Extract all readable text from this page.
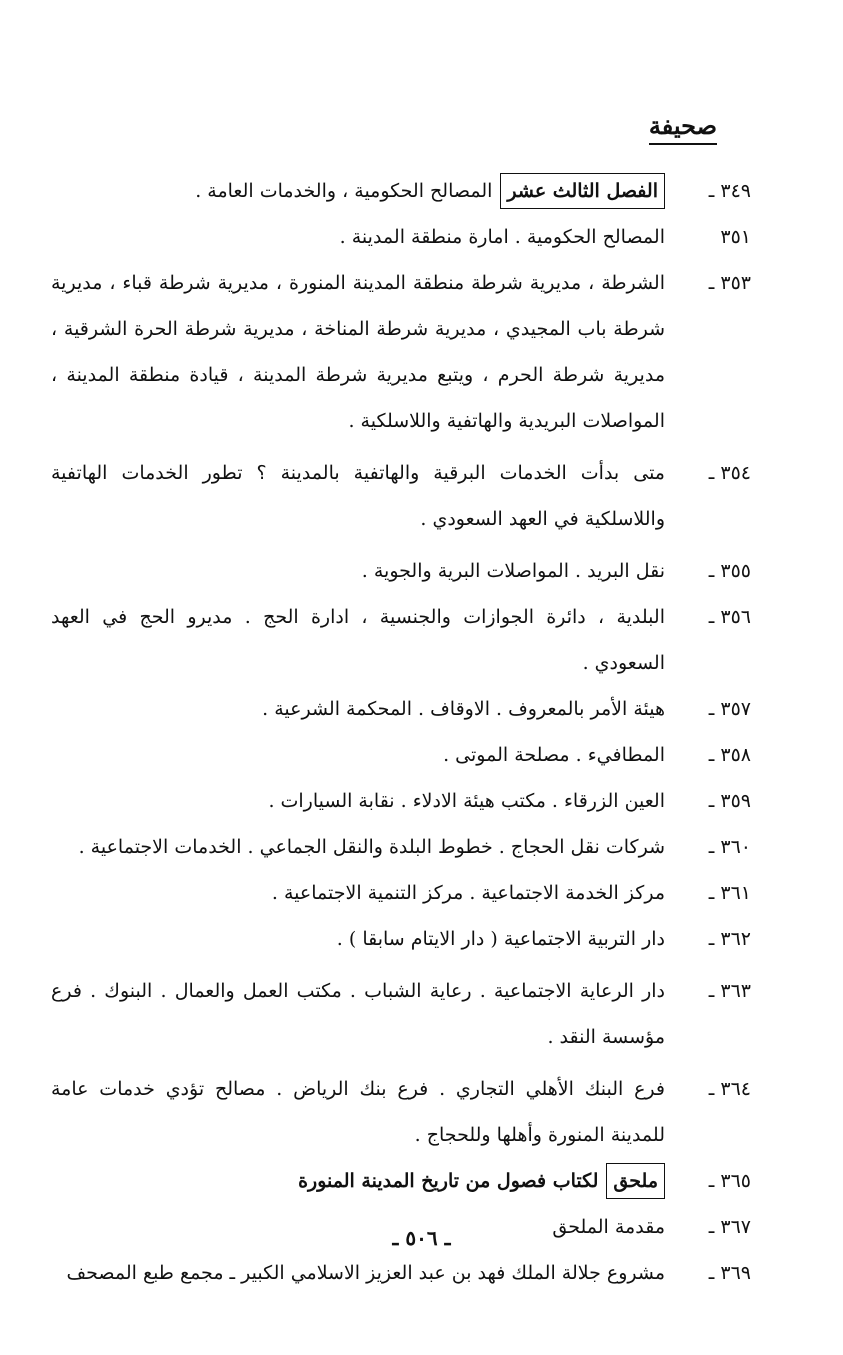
صحيفة
٣٤٩ ـ
الفصل الثالث عشرالمصالح الحكومية ، والخدمات العامة .
٣٥١
المصالح الحكومية . امارة منطقة المدينة .
٣٥٣ ـ
الشرطة ، مديرية شرطة منطقة المدينة المنورة ، مديرية شرطة قباء ، مديرية شرطة باب المجيدي ، مديرية شرطة المناخة ، مديرية شرطة الحرة الشرقية ، مديرية شرطة الحرم ، ويتبع مديرية شرطة المدينة ، قيادة منطقة المدينة ، المواصلات البريدية والهاتفية واللاسلكية .
٣٥٤ ـ
متى بدأت الخدمات البرقية والهاتفية بالمدينة ؟ تطور الخدمات الهاتفية واللاسلكية في العهد السعودي .
٣٥٥ ـ
نقل البريد . المواصلات البرية والجوية .
٣٥٦ ـ
البلدية ، دائرة الجوازات والجنسية ، ادارة الحج . مديرو الحج في العهد السعودي .
٣٥٧ ـ
هيئة الأمر بالمعروف . الاوقاف . المحكمة الشرعية .
٣٥٨ ـ
المطافيء . مصلحة الموتى .
٣٥٩ ـ
العين الزرقاء . مكتب هيئة الادلاء . نقابة السيارات .
٣٦٠ ـ
شركات نقل الحجاج . خطوط البلدة والنقل الجماعي . الخدمات الاجتماعية .
٣٦١ ـ
مركز الخدمة الاجتماعية . مركز التنمية الاجتماعية .
٣٦٢ ـ
دار التربية الاجتماعية ( دار الايتام سابقا ) .
٣٦٣ ـ
دار الرعاية الاجتماعية . رعاية الشباب . مكتب العمل والعمال . البنوك . فرع مؤسسة النقد .
٣٦٤ ـ
فرع البنك الأهلي التجاري . فرع بنك الرياض . مصالح تؤدي خدمات عامة للمدينة المنورة وأهلها وللحجاج .
٣٦٥ ـ
ملحقلكتاب فصول من تاريخ المدينة المنورة
٣٦٧ ـ
مقدمة الملحق
٣٦٩ ـ
مشروع جلالة الملك فهد بن عبد العزيز الاسلامي الكبير ـ مجمع طبع المصحف
ـ ٥٠٦ ـ
